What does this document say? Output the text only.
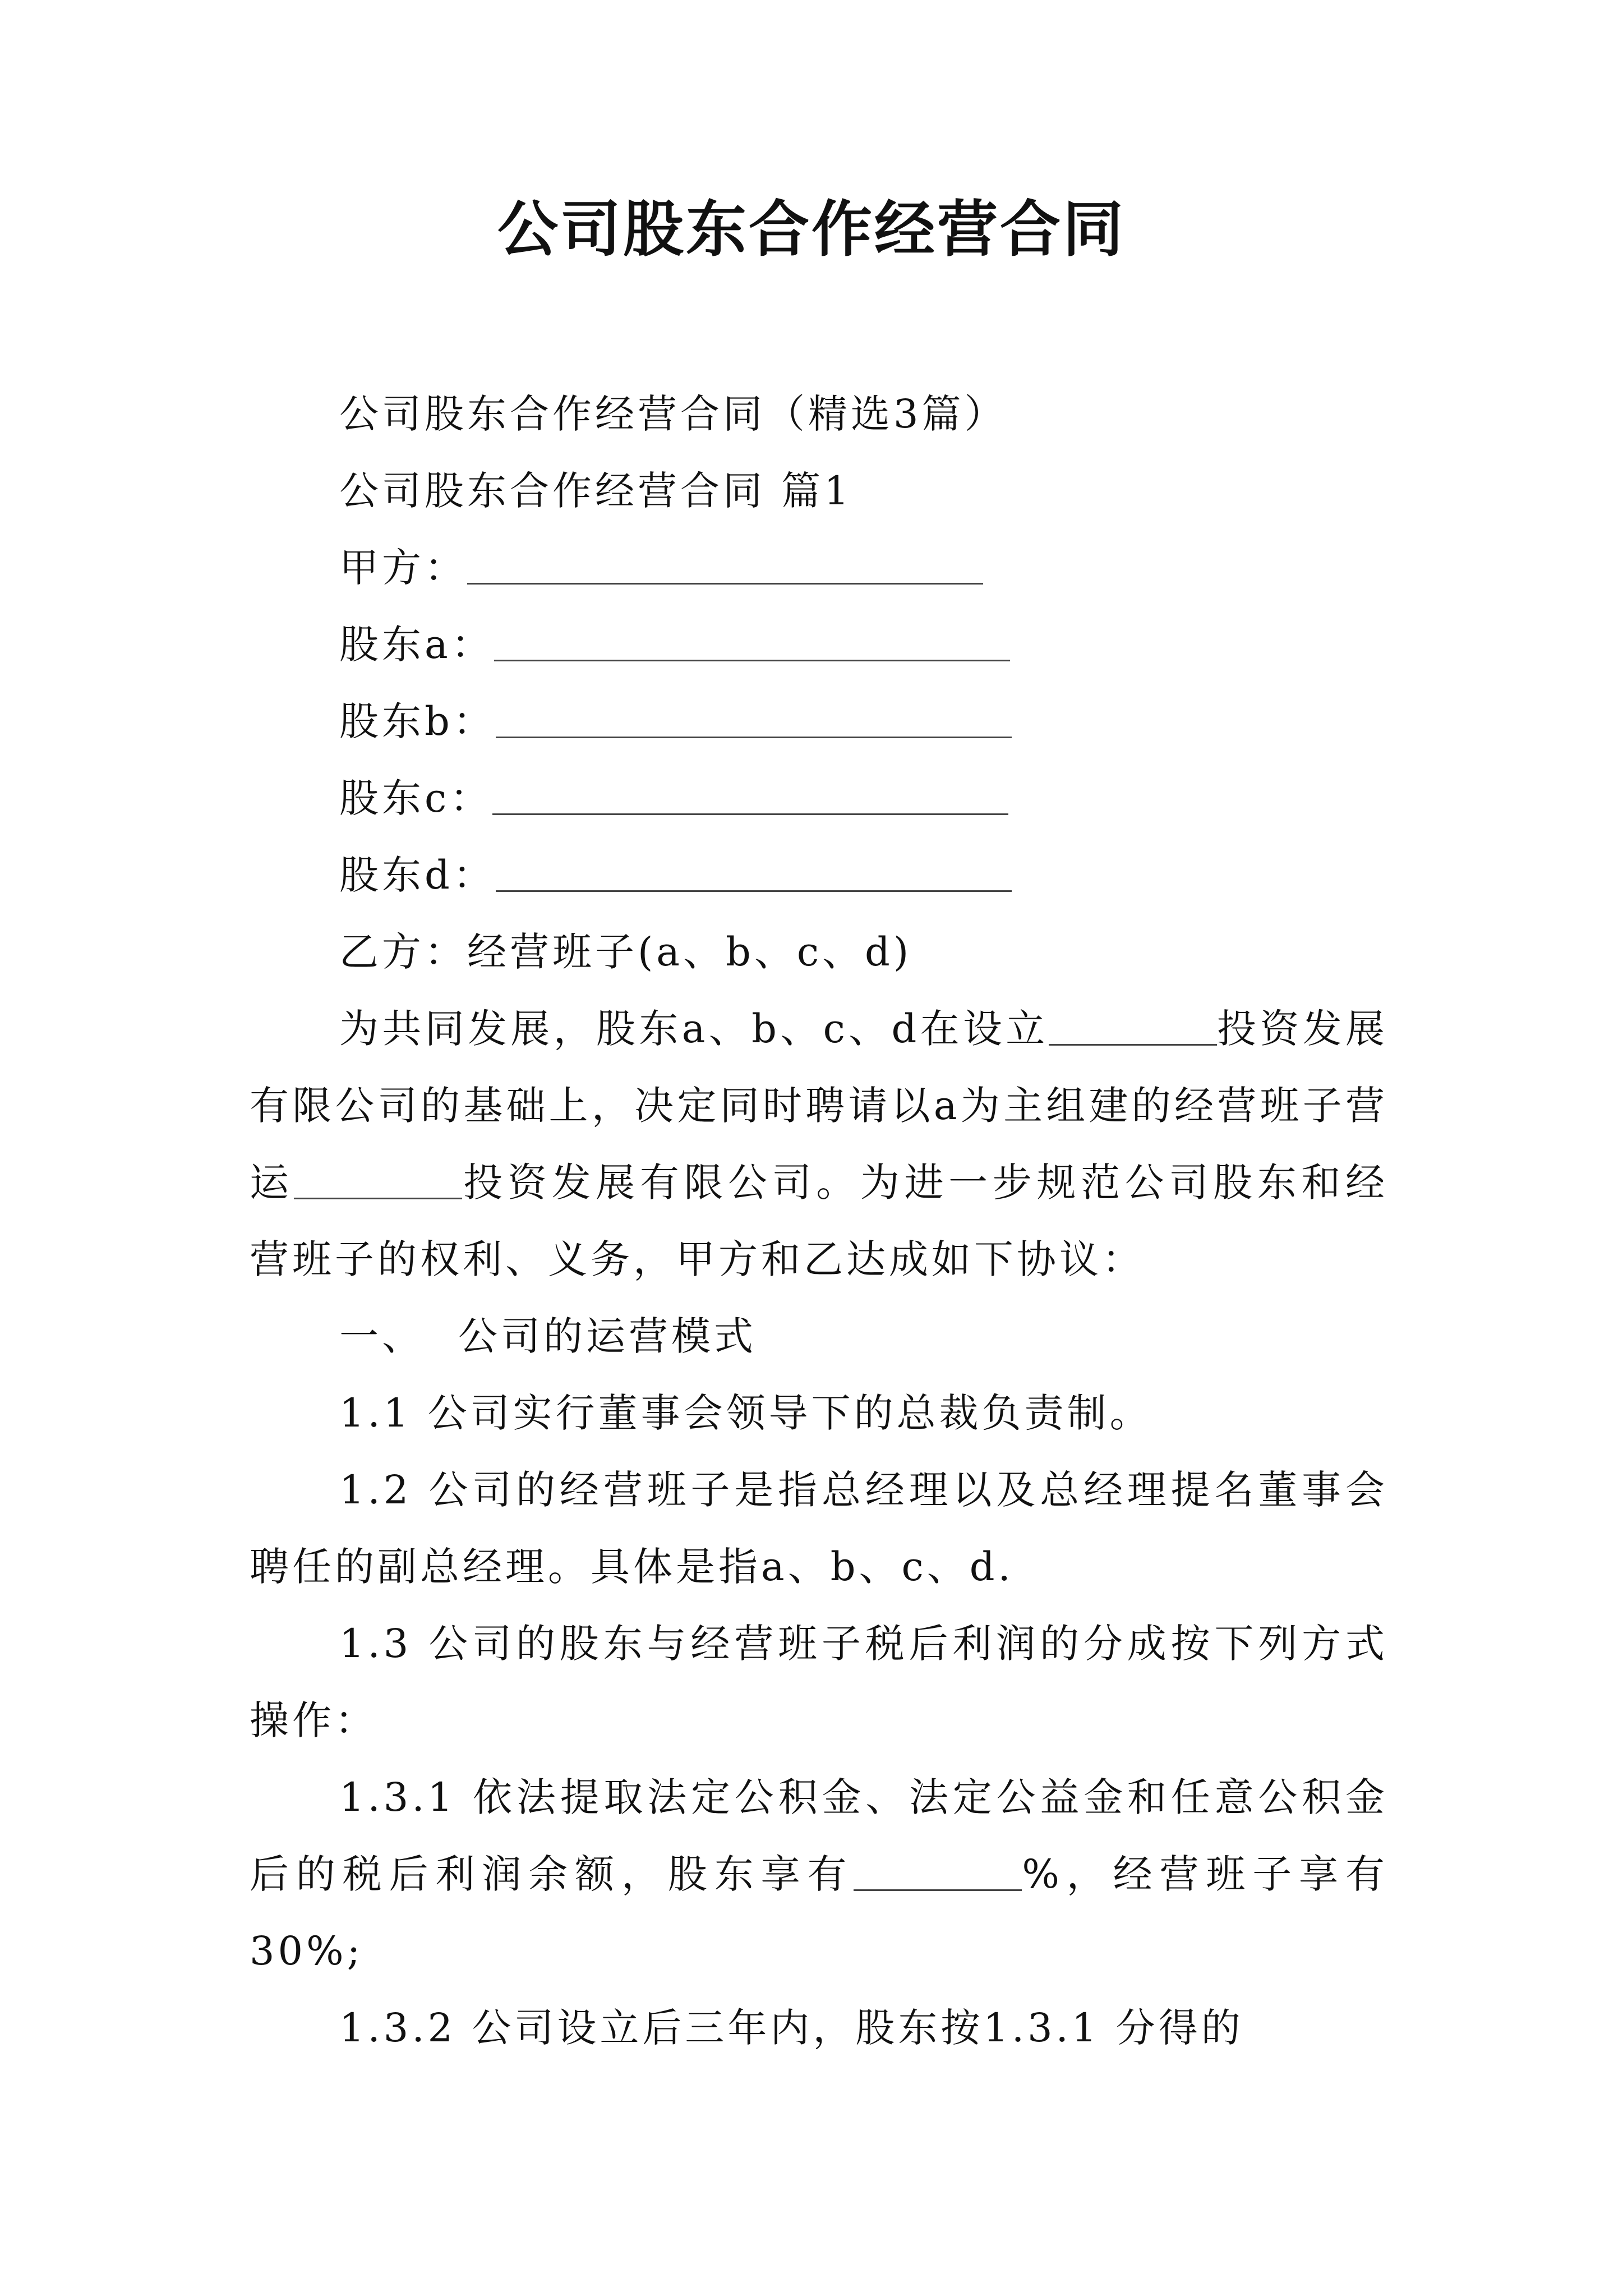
公司股东合作经营合同
公司股东合作经营合同（精选3篇）
公司股东合作经营合同 篇1
甲方：
股东a：
股东b：
股东c：
股东d：
乙方：经营班子(a、b、c、d)
为共同发展，股东a、b、c、d在设立	投资发展有限公司的基础上，决定同时聘请以a为主组建的经营班子营运	投资发展有限公司。为进一步规范公司股东和经营班子的权利、义务，甲方和乙达成如下协议：
一、 公司的运营模式
1.1 公司实行董事会领导下的总裁负责制。
1.2 公司的经营班子是指总经理以及总经理提名董事会聘任的副总经理。具体是指a、b、c、d.
1.3 公司的股东与经营班子税后利润的分成按下列方式操作：
1.3.1 依法提取法定公积金、法定公益金和任意公积金后的税后利润余额，股东享有	%，经营班子享有30%;
1.3.2 公司设立后三年内，股东按1.3.1 分得的
